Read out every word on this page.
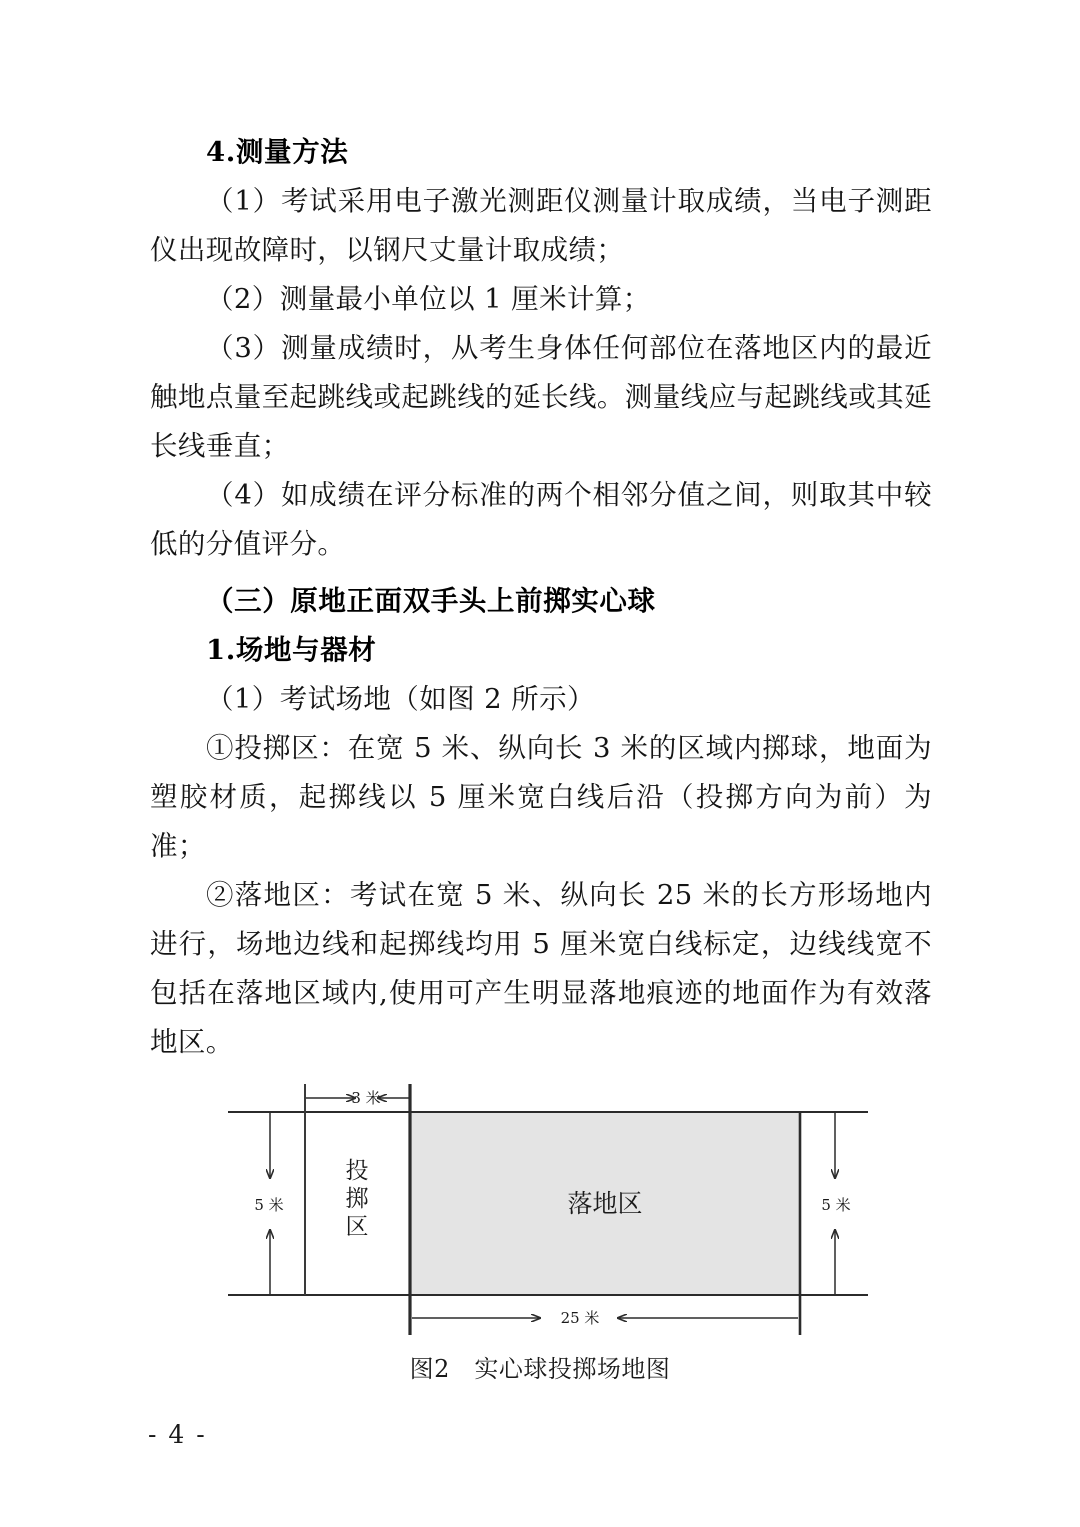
4.测量方法

（1）考试采用电子激光测距仪测量计取成绩，当电子测距仪出现故障时，以钢尺丈量计取成绩；

（2）测量最小单位以 1 厘米计算；

（3）测量成绩时，从考生身体任何部位在落地区内的最近触地点量至起跳线或起跳线的延长线。测量线应与起跳线或其延长线垂直；

（4）如成绩在评分标准的两个相邻分值之间，则取其中较低的分值评分。

（三）原地正面双手头上前掷实心球

1.场地与器材

（1）考试场地（如图 2 所示）

①投掷区：在宽 5 米、纵向长 3 米的区域内掷球，地面为塑胶材质，起掷线以 5 厘米宽白线后沿（投掷方向为前）为准；

②落地区：考试在宽 5 米、纵向长 25 米的长方形场地内进行，场地边线和起掷线均用 5 厘米宽白线标定，边线线宽不包括在落地区域内,使用可产生明显落地痕迹的地面作为有效落地区。

3 米
5 米	5 米
25 米
投
掷
区
落地区
图2　实心球投掷场地图
- 4 -
